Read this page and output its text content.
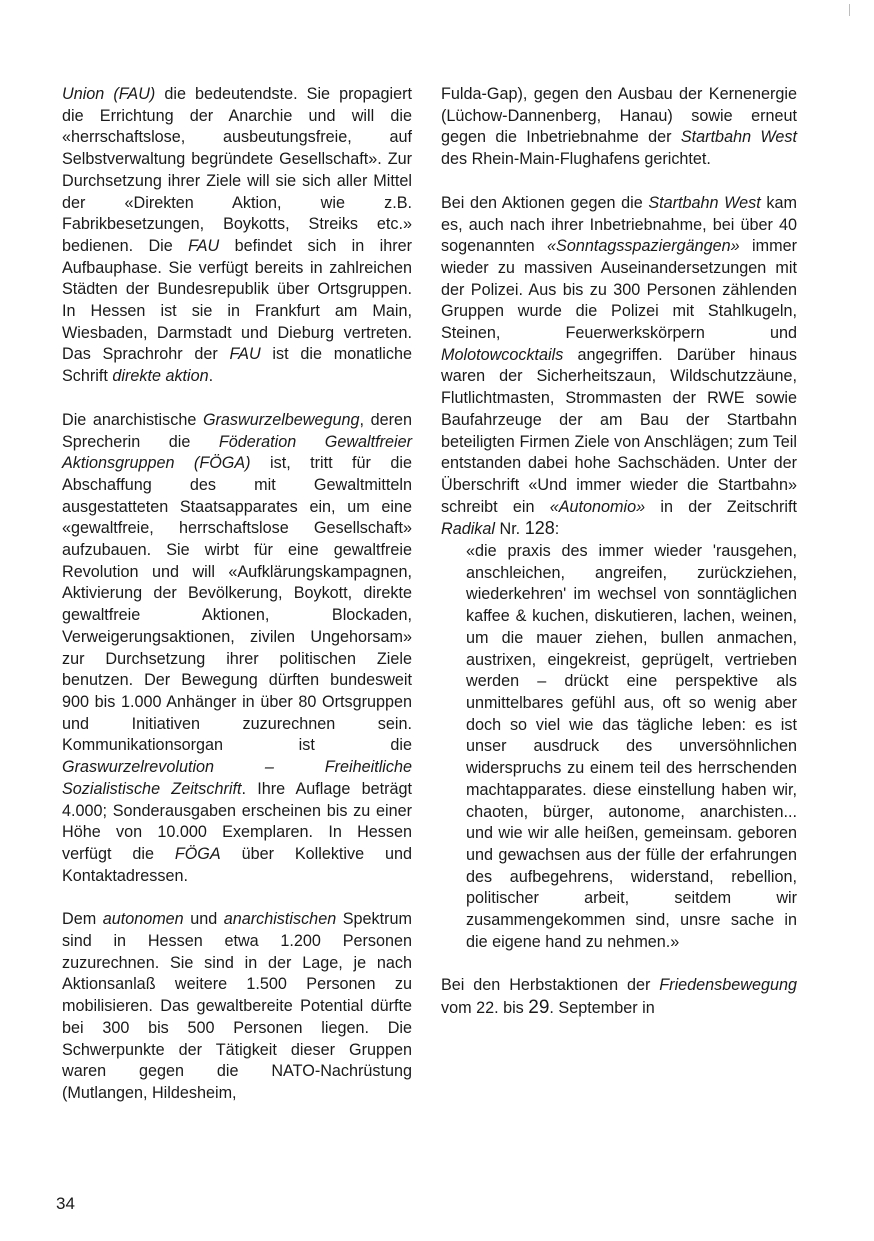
Union (FAU) die bedeutendste. Sie propagiert die Errichtung der Anarchie und will die «herrschaftslose, ausbeutungsfreie, auf Selbstverwaltung begründete Gesellschaft». Zur Durchsetzung ihrer Ziele will sie sich aller Mittel der «Direkten Aktion, wie z.B. Fabrikbesetzungen, Boykotts, Streiks etc.» bedienen. Die FAU befindet sich in ihrer Aufbauphase. Sie verfügt bereits in zahlreichen Städten der Bundesrepublik über Ortsgruppen. In Hessen ist sie in Frankfurt am Main, Wiesbaden, Darmstadt und Dieburg vertreten. Das Sprachrohr der FAU ist die monatliche Schrift direkte aktion.

Die anarchistische Graswurzelbewegung, deren Sprecherin die Föderation Gewaltfreier Aktionsgruppen (FÖGA) ist, tritt für die Abschaffung des mit Gewaltmitteln ausgestatteten Staatsapparates ein, um eine «gewaltfreie, herrschaftslose Gesellschaft» aufzubauen. Sie wirbt für eine gewaltfreie Revolution und will «Aufklärungskampagnen, Aktivierung der Bevölkerung, Boykott, direkte gewaltfreie Aktionen, Blockaden, Verweigerungsaktionen, zivilen Ungehorsam» zur Durchsetzung ihrer politischen Ziele benutzen. Der Bewegung dürften bundesweit 900 bis 1.000 Anhänger in über 80 Ortsgruppen und Initiativen zuzurechnen sein. Kommunikationsorgan ist die Graswurzelrevolution – Freiheitliche Sozialistische Zeitschrift. Ihre Auflage beträgt 4.000; Sonderausgaben erscheinen bis zu einer Höhe von 10.000 Exemplaren. In Hessen verfügt die FÖGA über Kollektive und Kontaktadressen.

Dem autonomen und anarchistischen Spektrum sind in Hessen etwa 1.200 Personen zuzurechnen. Sie sind in der Lage, je nach Aktionsanlaß weitere 1.500 Personen zu mobilisieren. Das gewaltbereite Potential dürfte bei 300 bis 500 Personen liegen. Die Schwerpunkte der Tätigkeit dieser Gruppen waren gegen die NATO-Nachrüstung (Mutlangen, Hildesheim,

Fulda-Gap), gegen den Ausbau der Kernenergie (Lüchow-Dannenberg, Hanau) sowie erneut gegen die Inbetriebnahme der Startbahn West des Rhein-Main-Flughafens gerichtet.

Bei den Aktionen gegen die Startbahn West kam es, auch nach ihrer Inbetriebnahme, bei über 40 sogenannten «Sonntagsspaziergängen» immer wieder zu massiven Auseinandersetzungen mit der Polizei. Aus bis zu 300 Personen zählenden Gruppen wurde die Polizei mit Stahlkugeln, Steinen, Feuerwerkskörpern und Molotowcocktails angegriffen. Darüber hinaus waren der Sicherheitszaun, Wildschutzzäune, Flutlichtmasten, Strommasten der RWE sowie Baufahrzeuge der am Bau der Startbahn beteiligten Firmen Ziele von Anschlägen; zum Teil entstanden dabei hohe Sachschäden. Unter der Überschrift «Und immer wieder die Startbahn» schreibt ein «Autonomio» in der Zeitschrift Radikal Nr. 128:

«die praxis des immer wieder 'rausgehen, anschleichen, angreifen, zurückziehen, wiederkehren' im wechsel von sonntäglichen kaffee & kuchen, diskutieren, lachen, weinen, um die mauer ziehen, bullen anmachen, austrixen, eingekreist, geprügelt, vertrieben werden – drückt eine perspektive als unmittelbares gefühl aus, oft so wenig aber doch so viel wie das tägliche leben: es ist unser ausdruck des unversöhnlichen widerspruchs zu einem teil des herrschenden machtapparates. diese einstellung haben wir, chaoten, bürger, autonome, anarchisten... und wie wir alle heißen, gemeinsam. geboren und gewachsen aus der fülle der erfahrungen des aufbegehrens, widerstand, rebellion, politischer arbeit, seitdem wir zusammengekommen sind, unsre sache in die eigene hand zu nehmen.»

Bei den Herbstaktionen der Friedensbewegung vom 22. bis 29. September in

34
